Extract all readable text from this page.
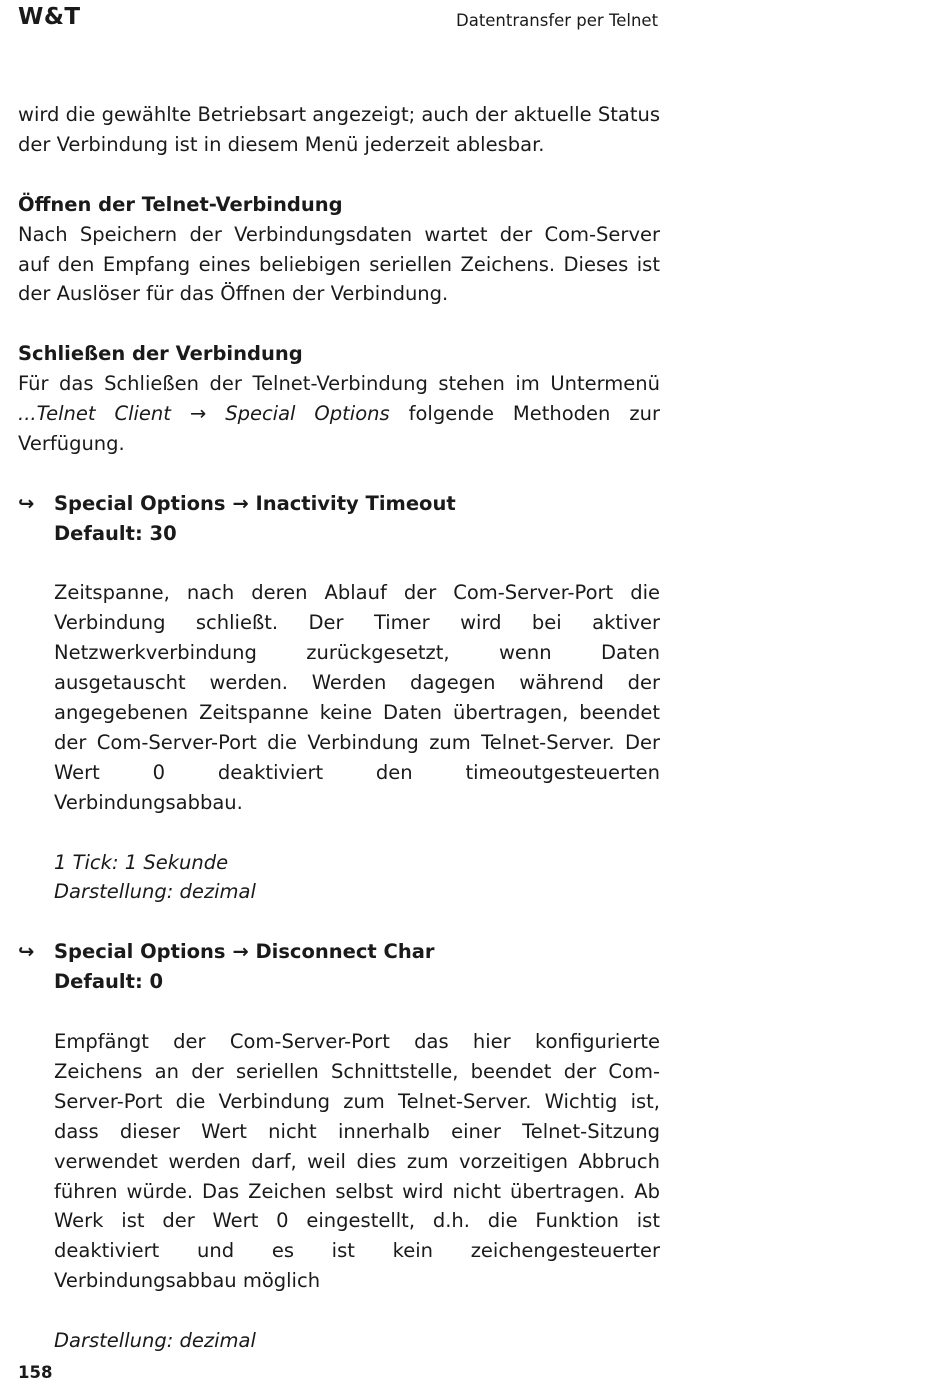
W&T	Datentransfer per Telnet

wird die gewählte Betriebsart angezeigt; auch der aktuelle Status der Verbindung ist in diesem Menü jederzeit ablesbar.

Öffnen der Telnet-Verbindung

Nach Speichern der Verbindungsdaten wartet der Com-Server auf den Empfang eines beliebigen seriellen Zeichens. Dieses ist der Auslöser für das Öffnen der Verbindung.

Schließen der Verbindung

Für das Schließen der Telnet-Verbindung stehen im Untermenü ...Telnet Client → Special Options folgende Methoden zur Verfügung.

↪ Special Options → Inactivity Timeout

Default: 30

Zeitspanne, nach deren Ablauf der Com-Server-Port die Verbindung schließt. Der Timer wird bei aktiver Netzwerkverbindung zurückgesetzt, wenn Daten ausgetauscht werden. Werden dagegen während der angegebenen Zeitspanne keine Daten übertragen, beendet der Com-Server-Port die Verbindung zum Telnet-Server. Der Wert 0 deaktiviert den timeoutgesteuerten Verbindungsabbau.

1 Tick: 1 Sekunde

Darstellung: dezimal

↪ Special Options → Disconnect Char

Default: 0

Empfängt der Com-Server-Port das hier konfigurierte Zeichens an der seriellen Schnittstelle, beendet der Com-Server-Port die Verbindung zum Telnet-Server. Wichtig ist, dass dieser Wert nicht innerhalb einer Telnet-Sitzung verwendet werden darf, weil dies zum vorzeitigen Abbruch führen würde. Das Zeichen selbst wird nicht übertragen. Ab Werk ist der Wert 0 eingestellt, d.h. die Funktion ist deaktiviert und es ist kein zeichengesteuerter Verbindungsabbau möglich

Darstellung: dezimal

158
